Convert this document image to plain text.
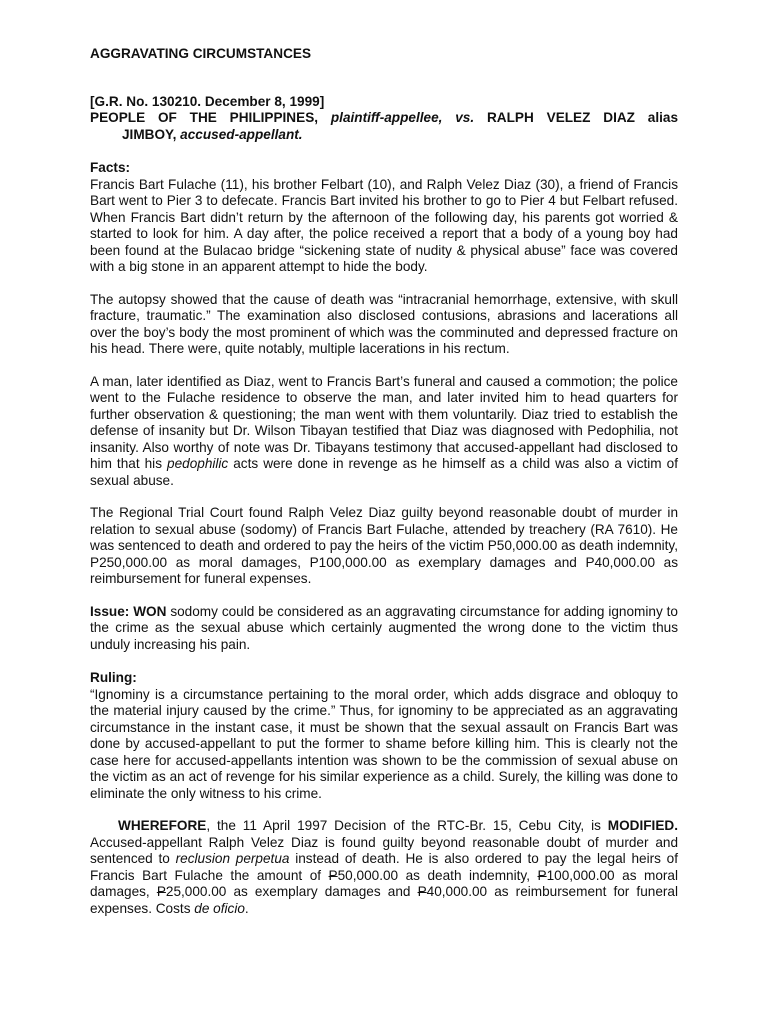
AGGRAVATING CIRCUMSTANCES
[G.R. No. 130210. December 8, 1999]
PEOPLE OF THE PHILIPPINES, plaintiff-appellee, vs. RALPH VELEZ DIAZ alias
JIMBOY, accused-appellant.
Facts:

Francis Bart Fulache (11), his brother Felbart (10), and Ralph Velez Diaz (30), a friend of Francis Bart went to Pier 3 to defecate. Francis Bart invited his brother to go to Pier 4 but Felbart refused. When Francis Bart didn’t return by the afternoon of the following day, his parents got worried & started to look for him. A day after, the police received a report that a body of a young boy had been found at the Bulacao bridge “sickening state of nudity & physical abuse” face was covered with a big stone in an apparent attempt to hide the body.

The autopsy showed that the cause of death was “intracranial hemorrhage, extensive, with skull fracture, traumatic.” The examination also disclosed contusions, abrasions and lacerations all over the boy’s body the most prominent of which was the comminuted and depressed fracture on his head. There were, quite notably, multiple lacerations in his rectum.

A man, later identified as Diaz, went to Francis Bart’s funeral and caused a commotion; the police went to the Fulache residence to observe the man, and later invited him to head quarters for further observation & questioning; the man went with them voluntarily. Diaz tried to establish the defense of insanity but Dr. Wilson Tibayan testified that Diaz was diagnosed with Pedophilia, not insanity. Also worthy of note was Dr. Tibayans testimony that accused-appellant had disclosed to him that his pedophilic acts were done in revenge as he himself as a child was also a victim of sexual abuse.

The Regional Trial Court found Ralph Velez Diaz guilty beyond reasonable doubt of murder in relation to sexual abuse (sodomy) of Francis Bart Fulache, attended by treachery (RA 7610). He was sentenced to death and ordered to pay the heirs of the victim P50,000.00 as death indemnity, P250,000.00 as moral damages, P100,000.00 as exemplary damages and P40,000.00 as reimbursement for funeral expenses.

Issue: WON sodomy could be considered as an aggravating circumstance for adding ignominy to the crime as the sexual abuse which certainly augmented the wrong done to the victim thus unduly increasing his pain.

Ruling:

“Ignominy is a circumstance pertaining to the moral order, which adds disgrace and obloquy to the material injury caused by the crime.” Thus, for ignominy to be appreciated as an aggravating circumstance in the instant case, it must be shown that the sexual assault on Francis Bart was done by accused-appellant to put the former to shame before killing him. This is clearly not the case here for accused-appellants intention was shown to be the commission of sexual abuse on the victim as an act of revenge for his similar experience as a child. Surely, the killing was done to eliminate the only witness to his crime.

WHEREFORE, the 11 April 1997 Decision of the RTC-Br. 15, Cebu City, is MODIFIED. Accused-appellant Ralph Velez Diaz is found guilty beyond reasonable doubt of murder and sentenced to reclusion perpetua instead of death. He is also ordered to pay the legal heirs of Francis Bart Fulache the amount of P50,000.00 as death indemnity, P100,000.00 as moral damages, P25,000.00 as exemplary damages and P40,000.00 as reimbursement for funeral expenses. Costs de oficio.
